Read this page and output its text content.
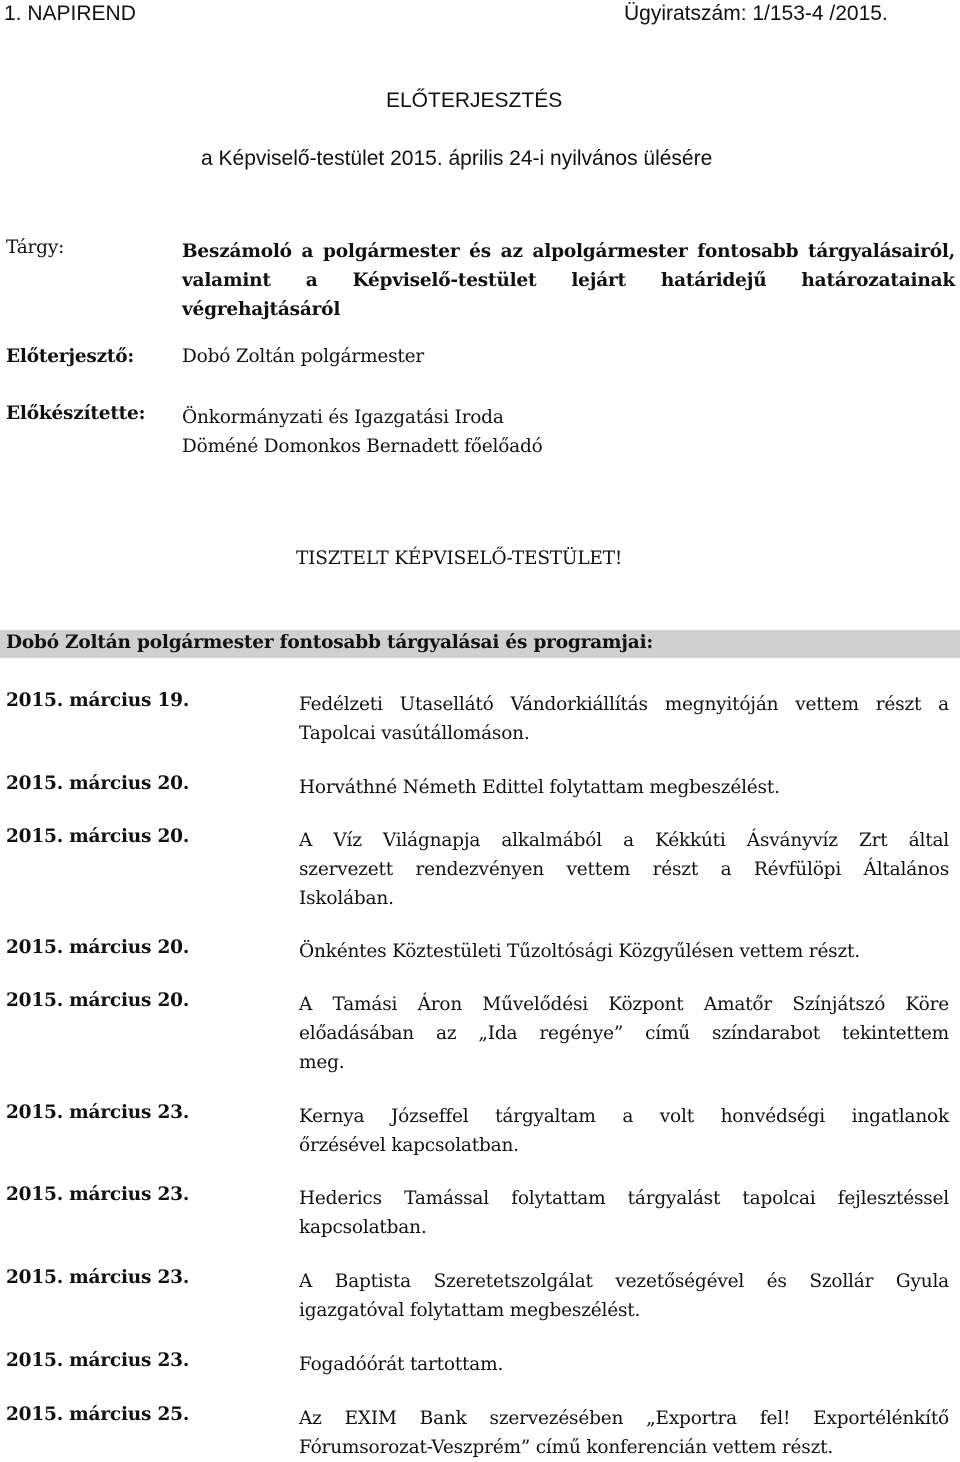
1. NAPIREND	Ügyiratszám: 1/153-4 /2015.
ELŐTERJESZTÉS
a Képviselő-testület 2015. április 24-i nyilvános ülésére
Tárgy:	Beszámoló a polgármester és az alpolgármester fontosabb tárgyalásairól,
valamint a Képviselő-testület lejárt határidejű határozatainak
végrehajtásáról
Előterjesztő:	Dobó Zoltán polgármester
Előkészítette: Önkormányzati és Igazgatási Iroda
Döméné Domonkos Bernadett főelőadó
TISZTELT KÉPVISELŐ-TESTÜLET!
Dobó Zoltán polgármester fontosabb tárgyalásai és programjai:
2015. március 19.	Fedélzeti Utasellátó Vándorkiállítás megnyitóján vettem részt a
Tapolcai vasútállomáson.
2015. március 20.	Horváthné Németh Edittel folytattam megbeszélést.
2015. március 20.	A Víz Világnapja alkalmából a Kékkúti Ásványvíz Zrt által
szervezett rendezvényen vettem részt a Révfülöpi Általános
Iskolában.
2015. március 20.	Önkéntes Köztestületi Tűzoltósági Közgyűlésen vettem részt.
2015. március 20.	A Tamási Áron Művelődési Központ Amatőr Színjátszó Köre
előadásában az „Ida regénye” című színdarabot tekintettem
meg.
2015. március 23.	Kernya Józseffel tárgyaltam a volt honvédségi ingatlanok
őrzésével kapcsolatban.
2015. március 23.	Hederics Tamással folytattam tárgyalást tapolcai fejlesztéssel
kapcsolatban.
2015. március 23.	A Baptista Szeretetszolgálat vezetőségével és Szollár Gyula
igazgatóval folytattam megbeszélést.
2015. március 23.	Fogadóórát tartottam.
2015. március 25.	Az EXIM Bank szervezésében „Exportra fel! Exportélénkítő
Fórumsorozat-Veszprém” című konferencián vettem részt.
